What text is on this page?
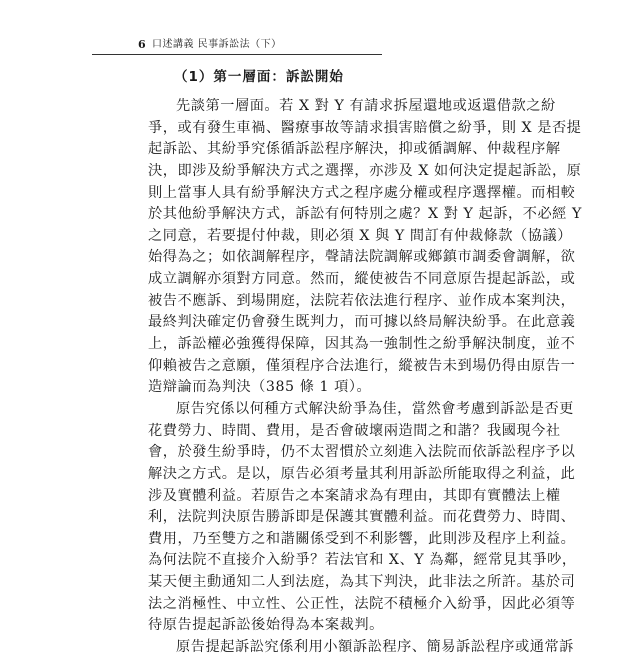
6 口述講義 民事訴訟法（下）
（1）第一層面：訴訟開始
先談第一層面。若 X 對 Y 有請求拆屋還地或返還借款之紛
爭，或有發生車禍、醫療事故等請求損害賠償之紛爭，則 X 是否提
起訴訟、其紛爭究係循訴訟程序解決，抑或循調解、仲裁程序解
決，即涉及紛爭解決方式之選擇，亦涉及 X 如何決定提起訴訟，原
則上當事人具有紛爭解決方式之程序處分權或程序選擇權。而相較
於其他紛爭解決方式，訴訟有何特別之處？X 對 Y 起訴，不必經 Y
之同意，若要提付仲裁，則必須 X 與 Y 間訂有仲裁條款（協議）
始得為之；如依調解程序，聲請法院調解或鄉鎮市調委會調解，欲
成立調解亦須對方同意。然而，縱使被告不同意原告提起訴訟，或
被告不應訴、到場開庭，法院若依法進行程序、並作成本案判決，
最終判決確定仍會發生既判力，而可據以終局解決紛爭。在此意義
上，訴訟權必強獲得保障，因其為一強制性之紛爭解決制度，並不
仰賴被告之意願，僅須程序合法進行，縱被告未到場仍得由原告一
造辯論而為判決（385 條 1 項）。
原告究係以何種方式解決紛爭為佳，當然會考慮到訴訟是否更
花費勞力、時間、費用，是否會破壞兩造間之和諧？我國現今社
會，於發生紛爭時，仍不太習慣於立刻進入法院而依訴訟程序予以
解決之方式。是以，原告必須考量其利用訴訟所能取得之利益，此
涉及實體利益。若原告之本案請求為有理由，其即有實體法上權
利，法院判決原告勝訴即是保護其實體利益。而花費勞力、時間、
費用，乃至雙方之和諧關係受到不利影響，此則涉及程序上利益。
為何法院不直接介入紛爭？若法官和 X、Y 為鄰，經常見其爭吵，
某天便主動通知二人到法庭，為其下判決，此非法之所許。基於司
法之消極性、中立性、公正性，法院不積極介入紛爭，因此必須等
待原告提起訴訟後始得為本案裁判。
原告提起訴訟究係利用小額訴訟程序、簡易訴訟程序或通常訴
